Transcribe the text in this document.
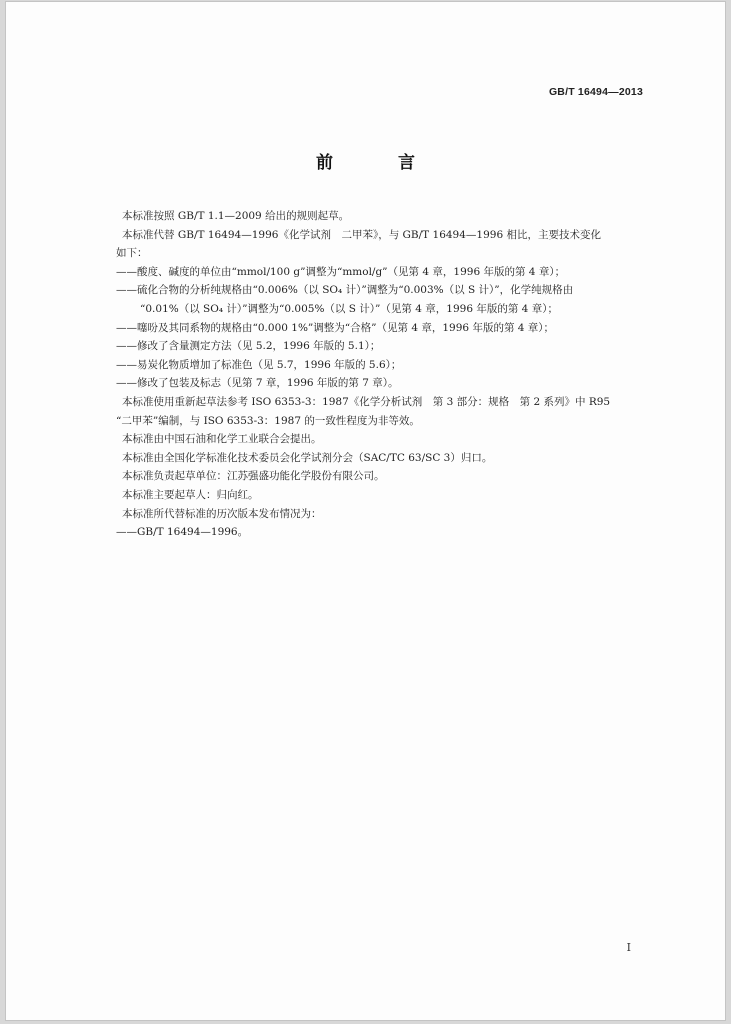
GB/T 16494—2013
前　言
本标准按照 GB/T 1.1—2009 给出的规则起草。
本标准代替 GB/T 16494—1996《化学试剂　二甲苯》，与 GB/T 16494—1996 相比，主要技术变化
如下：
——酸度、碱度的单位由“mmol/100 g”调整为“mmol/g”（见第 4 章，1996 年版的第 4 章）；
——硫化合物的分析纯规格由“0.006%（以 SO₄ 计）”调整为“0.003%（以 S 计）”，化学纯规格由
“0.01%（以 SO₄ 计）”调整为“0.005%（以 S 计）”（见第 4 章，1996 年版的第 4 章）；
——噻吩及其同系物的规格由“0.000 1%”调整为“合格”（见第 4 章，1996 年版的第 4 章）；
——修改了含量测定方法（见 5.2，1996 年版的 5.1）；
——易炭化物质增加了标准色（见 5.7，1996 年版的 5.6）；
——修改了包装及标志（见第 7 章，1996 年版的第 7 章）。
本标准使用重新起草法参考 ISO 6353-3：1987《化学分析试剂　第 3 部分：规格　第 2 系列》中 R95
“二甲苯”编制，与 ISO 6353-3：1987 的一致性程度为非等效。
本标准由中国石油和化学工业联合会提出。
本标准由全国化学标准化技术委员会化学试剂分会（SAC/TC 63/SC 3）归口。
本标准负责起草单位：江苏强盛功能化学股份有限公司。
本标准主要起草人：归向红。
本标准所代替标准的历次版本发布情况为：
——GB/T 16494—1996。
I
